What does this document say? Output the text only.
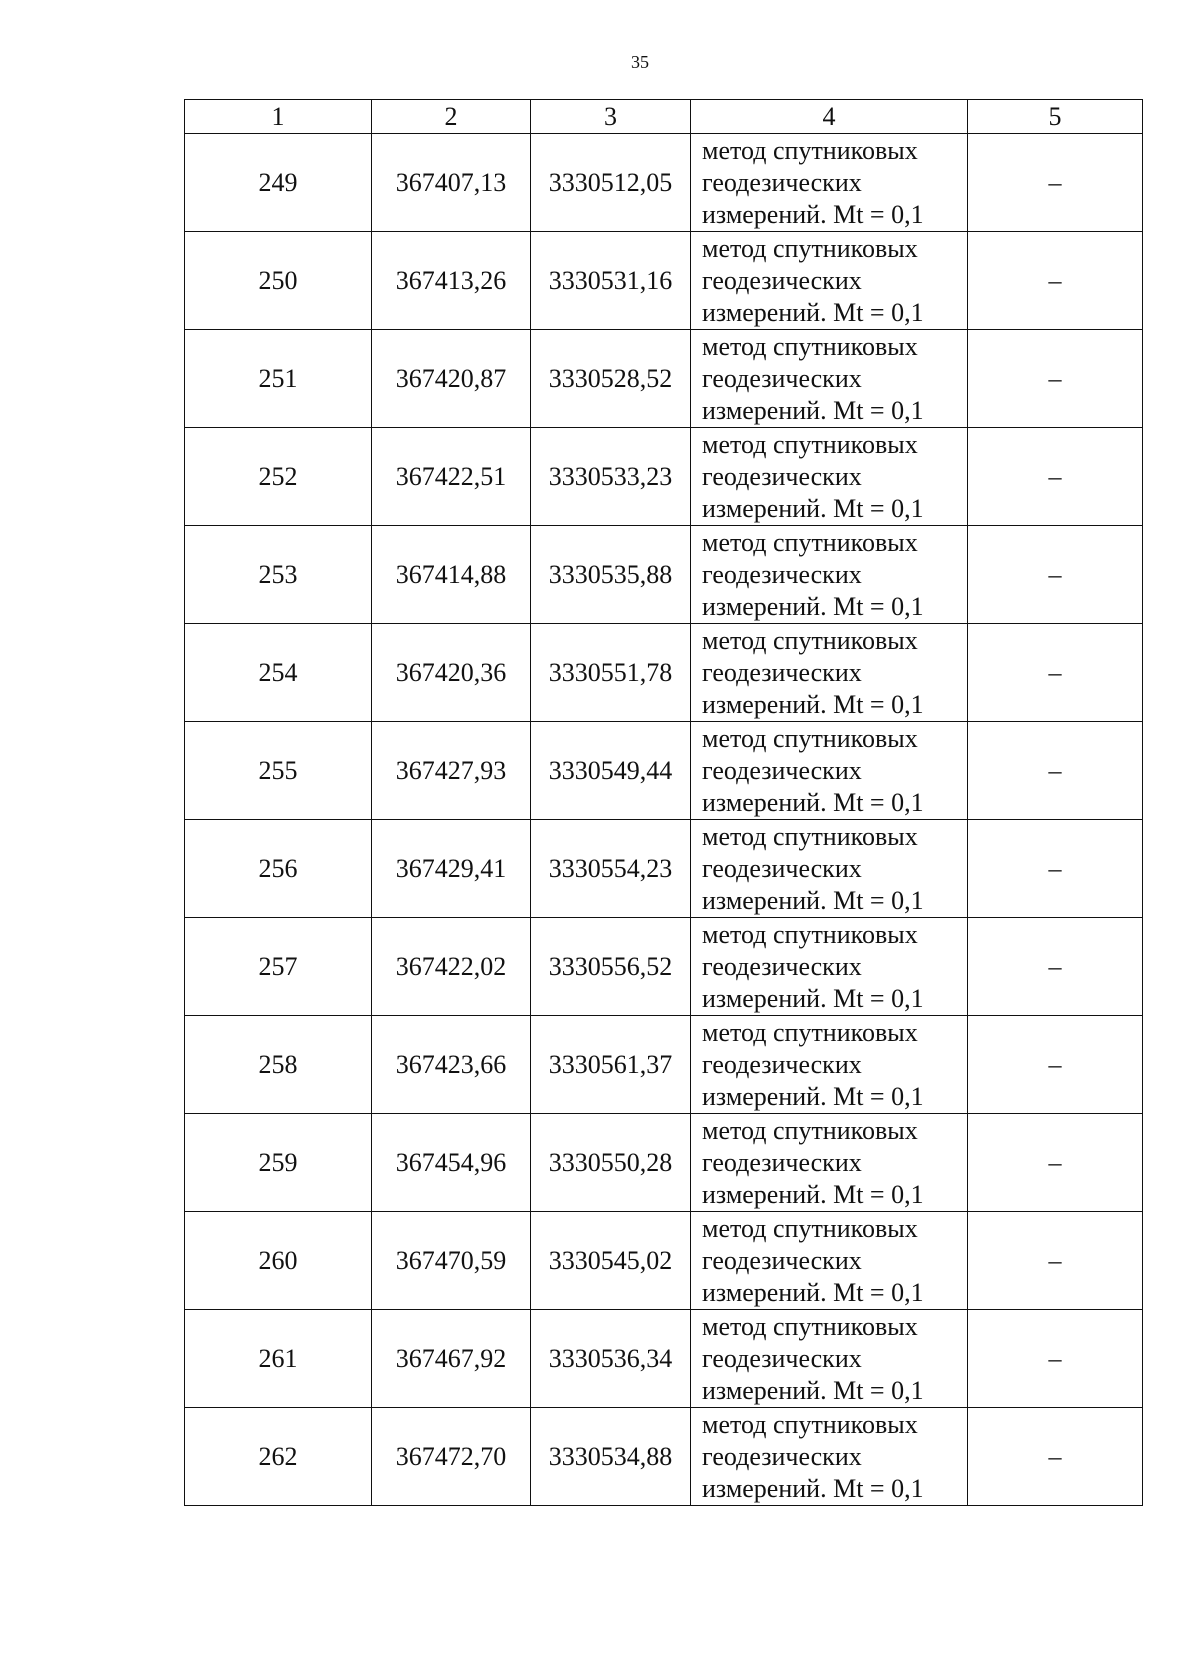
35
1	2	3	4	5
249	367407,13	3330512,05	метод спутниковых
геодезических
измерений. Mt = 0,1	–
250	367413,26	3330531,16	метод спутниковых
геодезических
измерений. Mt = 0,1	–
251	367420,87	3330528,52	метод спутниковых
геодезических
измерений. Mt = 0,1	–
252	367422,51	3330533,23	метод спутниковых
геодезических
измерений. Mt = 0,1	–
253	367414,88	3330535,88	метод спутниковых
геодезических
измерений. Mt = 0,1	–
254	367420,36	3330551,78	метод спутниковых
геодезических
измерений. Mt = 0,1	–
255	367427,93	3330549,44	метод спутниковых
геодезических
измерений. Mt = 0,1	–
256	367429,41	3330554,23	метод спутниковых
геодезических
измерений. Mt = 0,1	–
257	367422,02	3330556,52	метод спутниковых
геодезических
измерений. Mt = 0,1	–
258	367423,66	3330561,37	метод спутниковых
геодезических
измерений. Mt = 0,1	–
259	367454,96	3330550,28	метод спутниковых
геодезических
измерений. Mt = 0,1	–
260	367470,59	3330545,02	метод спутниковых
геодезических
измерений. Mt = 0,1	–
261	367467,92	3330536,34	метод спутниковых
геодезических
измерений. Mt = 0,1	–
262	367472,70	3330534,88	метод спутниковых
геодезических
измерений. Mt = 0,1	–
